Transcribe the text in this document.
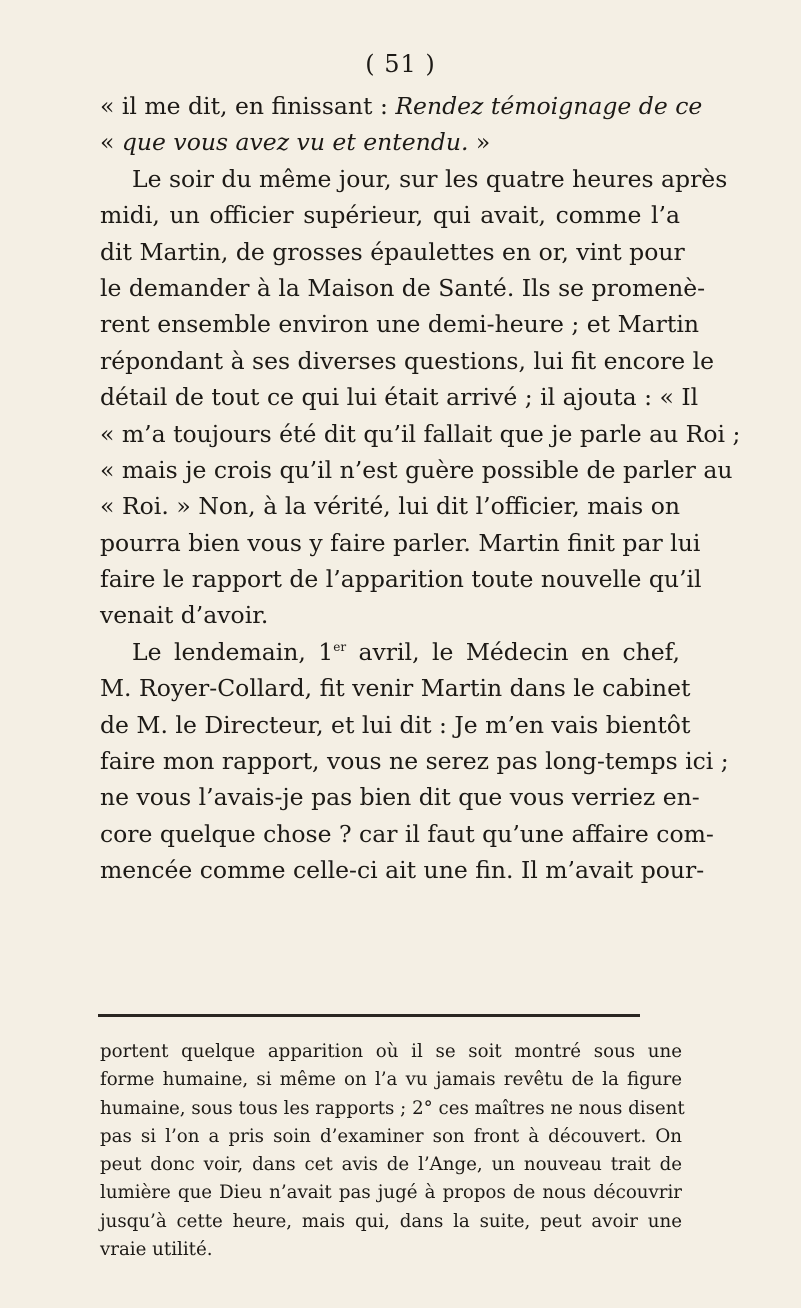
( 51 )
« il me dit, en finissant : Rendez témoignage de ce
« que vous avez vu et entendu. »
Le soir du même jour, sur les quatre heures après
midi, un officier supérieur, qui avait, comme l’a
dit Martin, de grosses épaulettes en or, vint pour
le demander à la Maison de Santé. Ils se promenè-
rent ensemble environ une demi-heure ; et Martin
répondant à ses diverses questions, lui fit encore le
détail de tout ce qui lui était arrivé ; il ajouta : « Il
« m’a toujours été dit qu’il fallait que je parle au Roi ;
« mais je crois qu’il n’est guère possible de parler au
« Roi. » Non, à la vérité, lui dit l’officier, mais on
pourra bien vous y faire parler. Martin finit par lui
faire le rapport de l’apparition toute nouvelle qu’il
venait d’avoir.
Le lendemain, 1er avril, le Médecin en chef,
M. Royer-Collard, fit venir Martin dans le cabinet
de M. le Directeur, et lui dit : Je m’en vais bientôt
faire mon rapport, vous ne serez pas long-temps ici ;
ne vous l’avais-je pas bien dit que vous verriez en-
core quelque chose ? car il faut qu’une affaire com-
mencée comme celle-ci ait une fin. Il m’avait pour-
portent quelque apparition où il se soit montré sous une
forme humaine, si même on l’a vu jamais revêtu de la figure
humaine, sous tous les rapports ; 2° ces maîtres ne nous disent
pas si l’on a pris soin d’examiner son front à découvert. On
peut donc voir, dans cet avis de l’Ange, un nouveau trait de
lumière que Dieu n’avait pas jugé à propos de nous découvrir
jusqu’à cette heure, mais qui, dans la suite, peut avoir une
vraie utilité.
